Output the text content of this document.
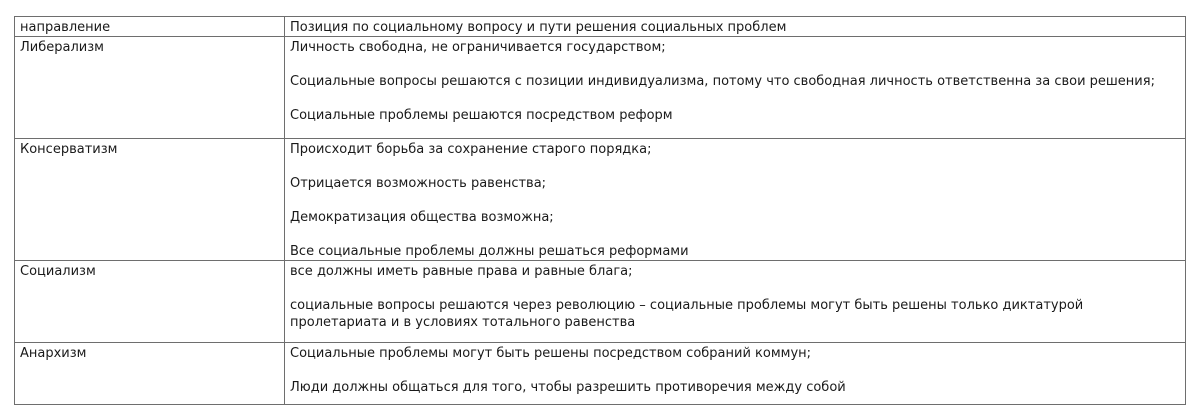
направление	Позиция по социальному вопросу и пути решения социальных проблем
Либерализм	Личность свободна, не ограничивается государством;

Социальные вопросы решаются с позиции индивидуализма, потому что свободная личность ответственна за свои решения;

Социальные проблемы решаются посредством реформ

Консерватизм	Происходит борьба за сохранение старого порядка;

Отрицается возможность равенства;

Демократизация общества возможна;

Все социальные проблемы должны решаться реформами

Социализм	все должны иметь равные права и равные блага;

социальные вопросы решаются через революцию – социальные проблемы могут быть решены только диктатурой пролетариата и в условиях тотального равенства

Анархизм	Социальные проблемы могут быть решены посредством собраний коммун;

Люди должны общаться для того, чтобы разрешить противоречия между собой
